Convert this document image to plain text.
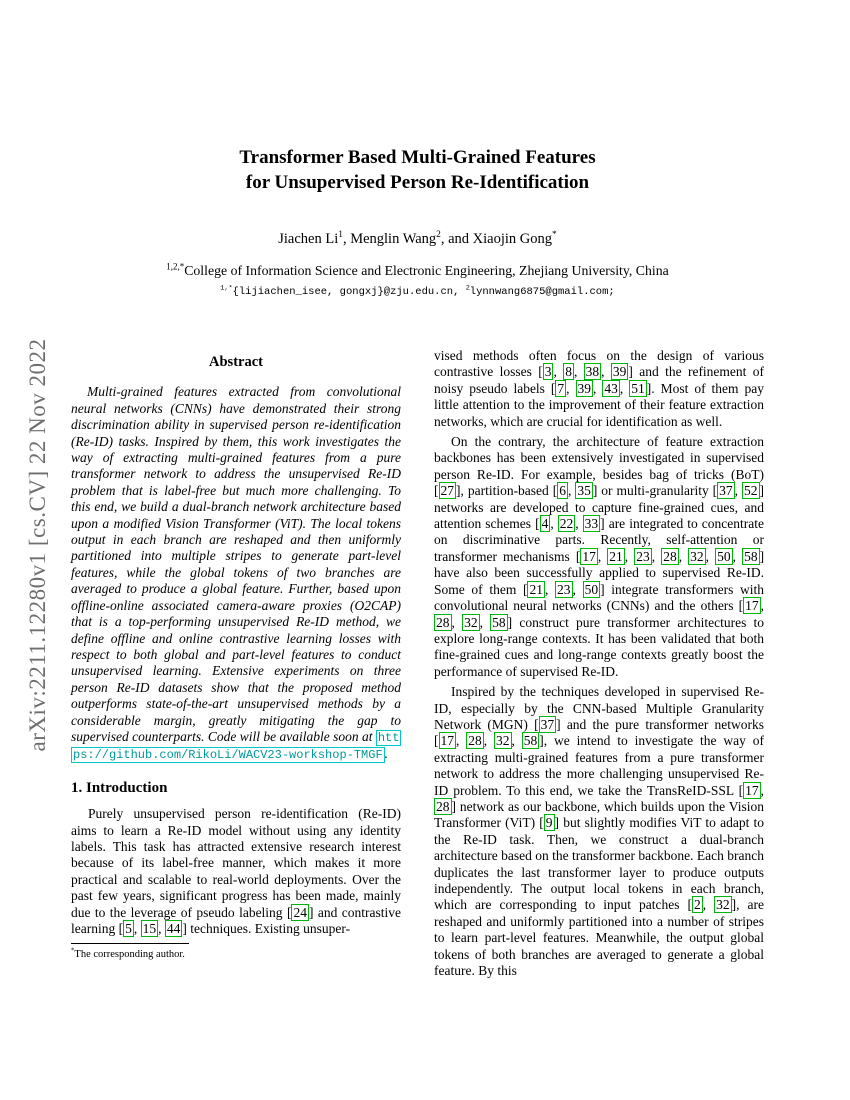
arXiv:2211.12280v1 [cs.CV] 22 Nov 2022
Transformer Based Multi-Grained Features
for Unsupervised Person Re-Identification
Jiachen Li$^1$, Menglin Wang$^2$, and Xiaojin Gong*
$^{1,2,*}$College of Information Science and Electronic Engineering, Zhejiang University, China
$^{1,*}${lijiachen_isee, gongxj}@zju.edu.cn, $^2$lynnwang6875@gmail.com;
Abstract

Multi-grained features extracted from convolutional neural networks (CNNs) have demonstrated their strong discrimination ability in supervised person re-identification (Re-ID) tasks. Inspired by them, this work investigates the way of extracting multi-grained features from a pure transformer network to address the unsupervised Re-ID problem that is label-free but much more challenging. To this end, we build a dual-branch network architecture based upon a modified Vision Transformer (ViT). The local tokens output in each branch are reshaped and then uniformly partitioned into multiple stripes to generate part-level features, while the global tokens of two branches are averaged to produce a global feature. Further, based upon offline-online associated camera-aware proxies (O2CAP) that is a top-performing unsupervised Re-ID method, we define offline and online contrastive learning losses with respect to both global and part-level features to conduct unsupervised learning. Extensive experiments on three person Re-ID datasets show that the proposed method outperforms state-of-the-art unsupervised methods by a considerable margin, greatly mitigating the gap to supervised counterparts. Code will be available soon at https://github.com/RikoLi/WACV23-workshop-TMGF .

1. Introduction

Purely unsupervised person re-identification (Re-ID) aims to learn a Re-ID model without using any identity labels. This task has attracted extensive research interest because of its label-free manner, which makes it more practical and scalable to real-world deployments. Over the past few years, significant progress has been made, mainly due to the leverage of pseudo labeling [ 24 ] and contrastive learning [ 5 , 15 , 44 ] techniques. Existing unsuper-

*The corresponding author.

vised methods often focus on the design of various contrastive losses [ 3 , 8 , 38 , 39 ] and the refinement of noisy pseudo labels [ 7 , 39 , 43 , 51 ]. Most of them pay little attention to the improvement of their feature extraction networks, which are crucial for identification as well.

On the contrary, the architecture of feature extraction backbones has been extensively investigated in supervised person Re-ID. For example, besides bag of tricks (BoT) [ 27 ], partition-based [ 6 , 35 ] or multi-granularity [ 37 , 52 ] networks are developed to capture fine-grained cues, and attention schemes [ 4 , 22 , 33 ] are integrated to concentrate on discriminative parts. Recently, self-attention or transformer mechanisms [ 17 , 21 , 23 , 28 , 32 , 50 , 58 ] have also been successfully applied to supervised Re-ID. Some of them [ 21 , 23 , 50 ] integrate transformers with convolutional neural networks (CNNs) and the others [ 17 , 28 , 32 , 58 ] construct pure transformer architectures to explore long-range contexts. It has been validated that both fine-grained cues and long-range contexts greatly boost the performance of supervised Re-ID.

Inspired by the techniques developed in supervised Re-ID, especially by the CNN-based Multiple Granularity Network (MGN) [ 37 ] and the pure transformer networks [ 17 , 28 , 32 , 58 ], we intend to investigate the way of extracting multi-grained features from a pure transformer network to address the more challenging unsupervised Re-ID problem. To this end, we take the TransReID-SSL [ 17 , 28 ] network as our backbone, which builds upon the Vision Transformer (ViT) [ 9 ] but slightly modifies ViT to adapt to the Re-ID task. Then, we construct a dual-branch architecture based on the transformer backbone. Each branch duplicates the last transformer layer to produce outputs independently. The output local tokens in each branch, which are corresponding to input patches [ 2 , 32 ], are reshaped and uniformly partitioned into a number of stripes to learn part-level features. Meanwhile, the output global tokens of both branches are averaged to generate a global feature. By this
